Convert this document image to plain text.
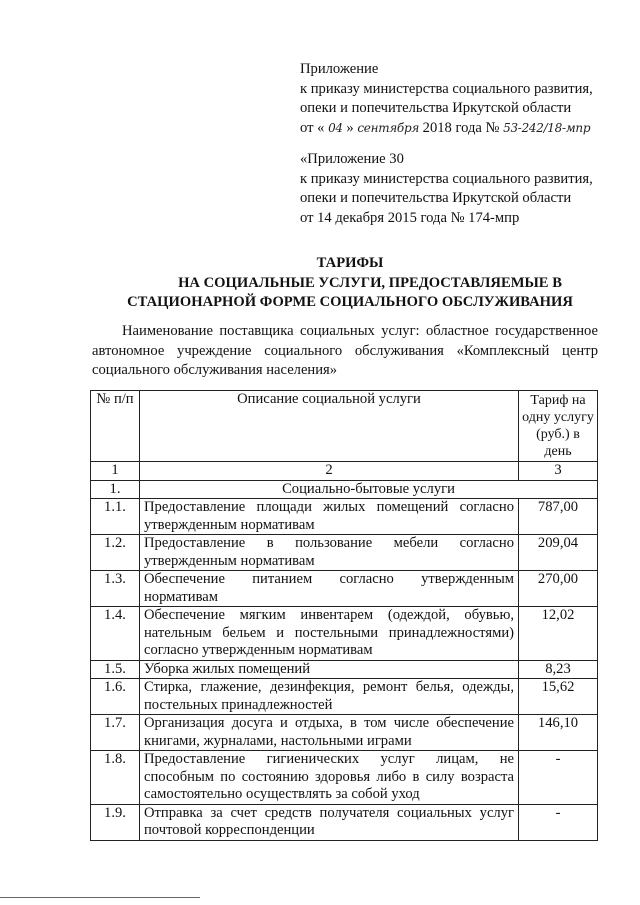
Приложение
к приказу министерства социального развития,
опеки и попечительства Иркутской области
от « 04 » сентября 2018 года № 53-242/18-мпр
«Приложение 30
к приказу министерства социального развития,
опеки и попечительства Иркутской области
от 14 декабря 2015 года № 174-мпр
ТАРИФЫ
НА СОЦИАЛЬНЫЕ УСЛУГИ, ПРЕДОСТАВЛЯЕМЫЕ В
СТАЦИОНАРНОЙ ФОРМЕ СОЦИАЛЬНОГО ОБСЛУЖИВАНИЯ
Наименование поставщика социальных услуг: областное государственное автономное учреждение социального обслуживания «Комплексный центр социального обслуживания населения»
№ п/п	Описание социальной услуги	Тариф на одну услугу (руб.) в день
1	2	3
1.	Социально-бытовые услуги	
1.1.	Предоставление площади жилых помещений согласно утвержденным нормативам	787,00
1.2.	Предоставление в пользование мебели согласно утвержденным нормативам	209,04
1.3.	Обеспечение питанием согласно утвержденным нормативам	270,00
1.4.	Обеспечение мягким инвентарем (одеждой, обувью, нательным бельем и постельными принадлежностями) согласно утвержденным нормативам	12,02
1.5.	Уборка жилых помещений	8,23
1.6.	Стирка, глажение, дезинфекция, ремонт белья, одежды, постельных принадлежностей	15,62
1.7.	Организация досуга и отдыха, в том числе обеспечение книгами, журналами, настольными играми	146,10
1.8.	Предоставление гигиенических услуг лицам, не способным по состоянию здоровья либо в силу возраста самостоятельно осуществлять за собой уход	-
1.9.	Отправка за счет средств получателя социальных услуг почтовой корреспонденции	-
